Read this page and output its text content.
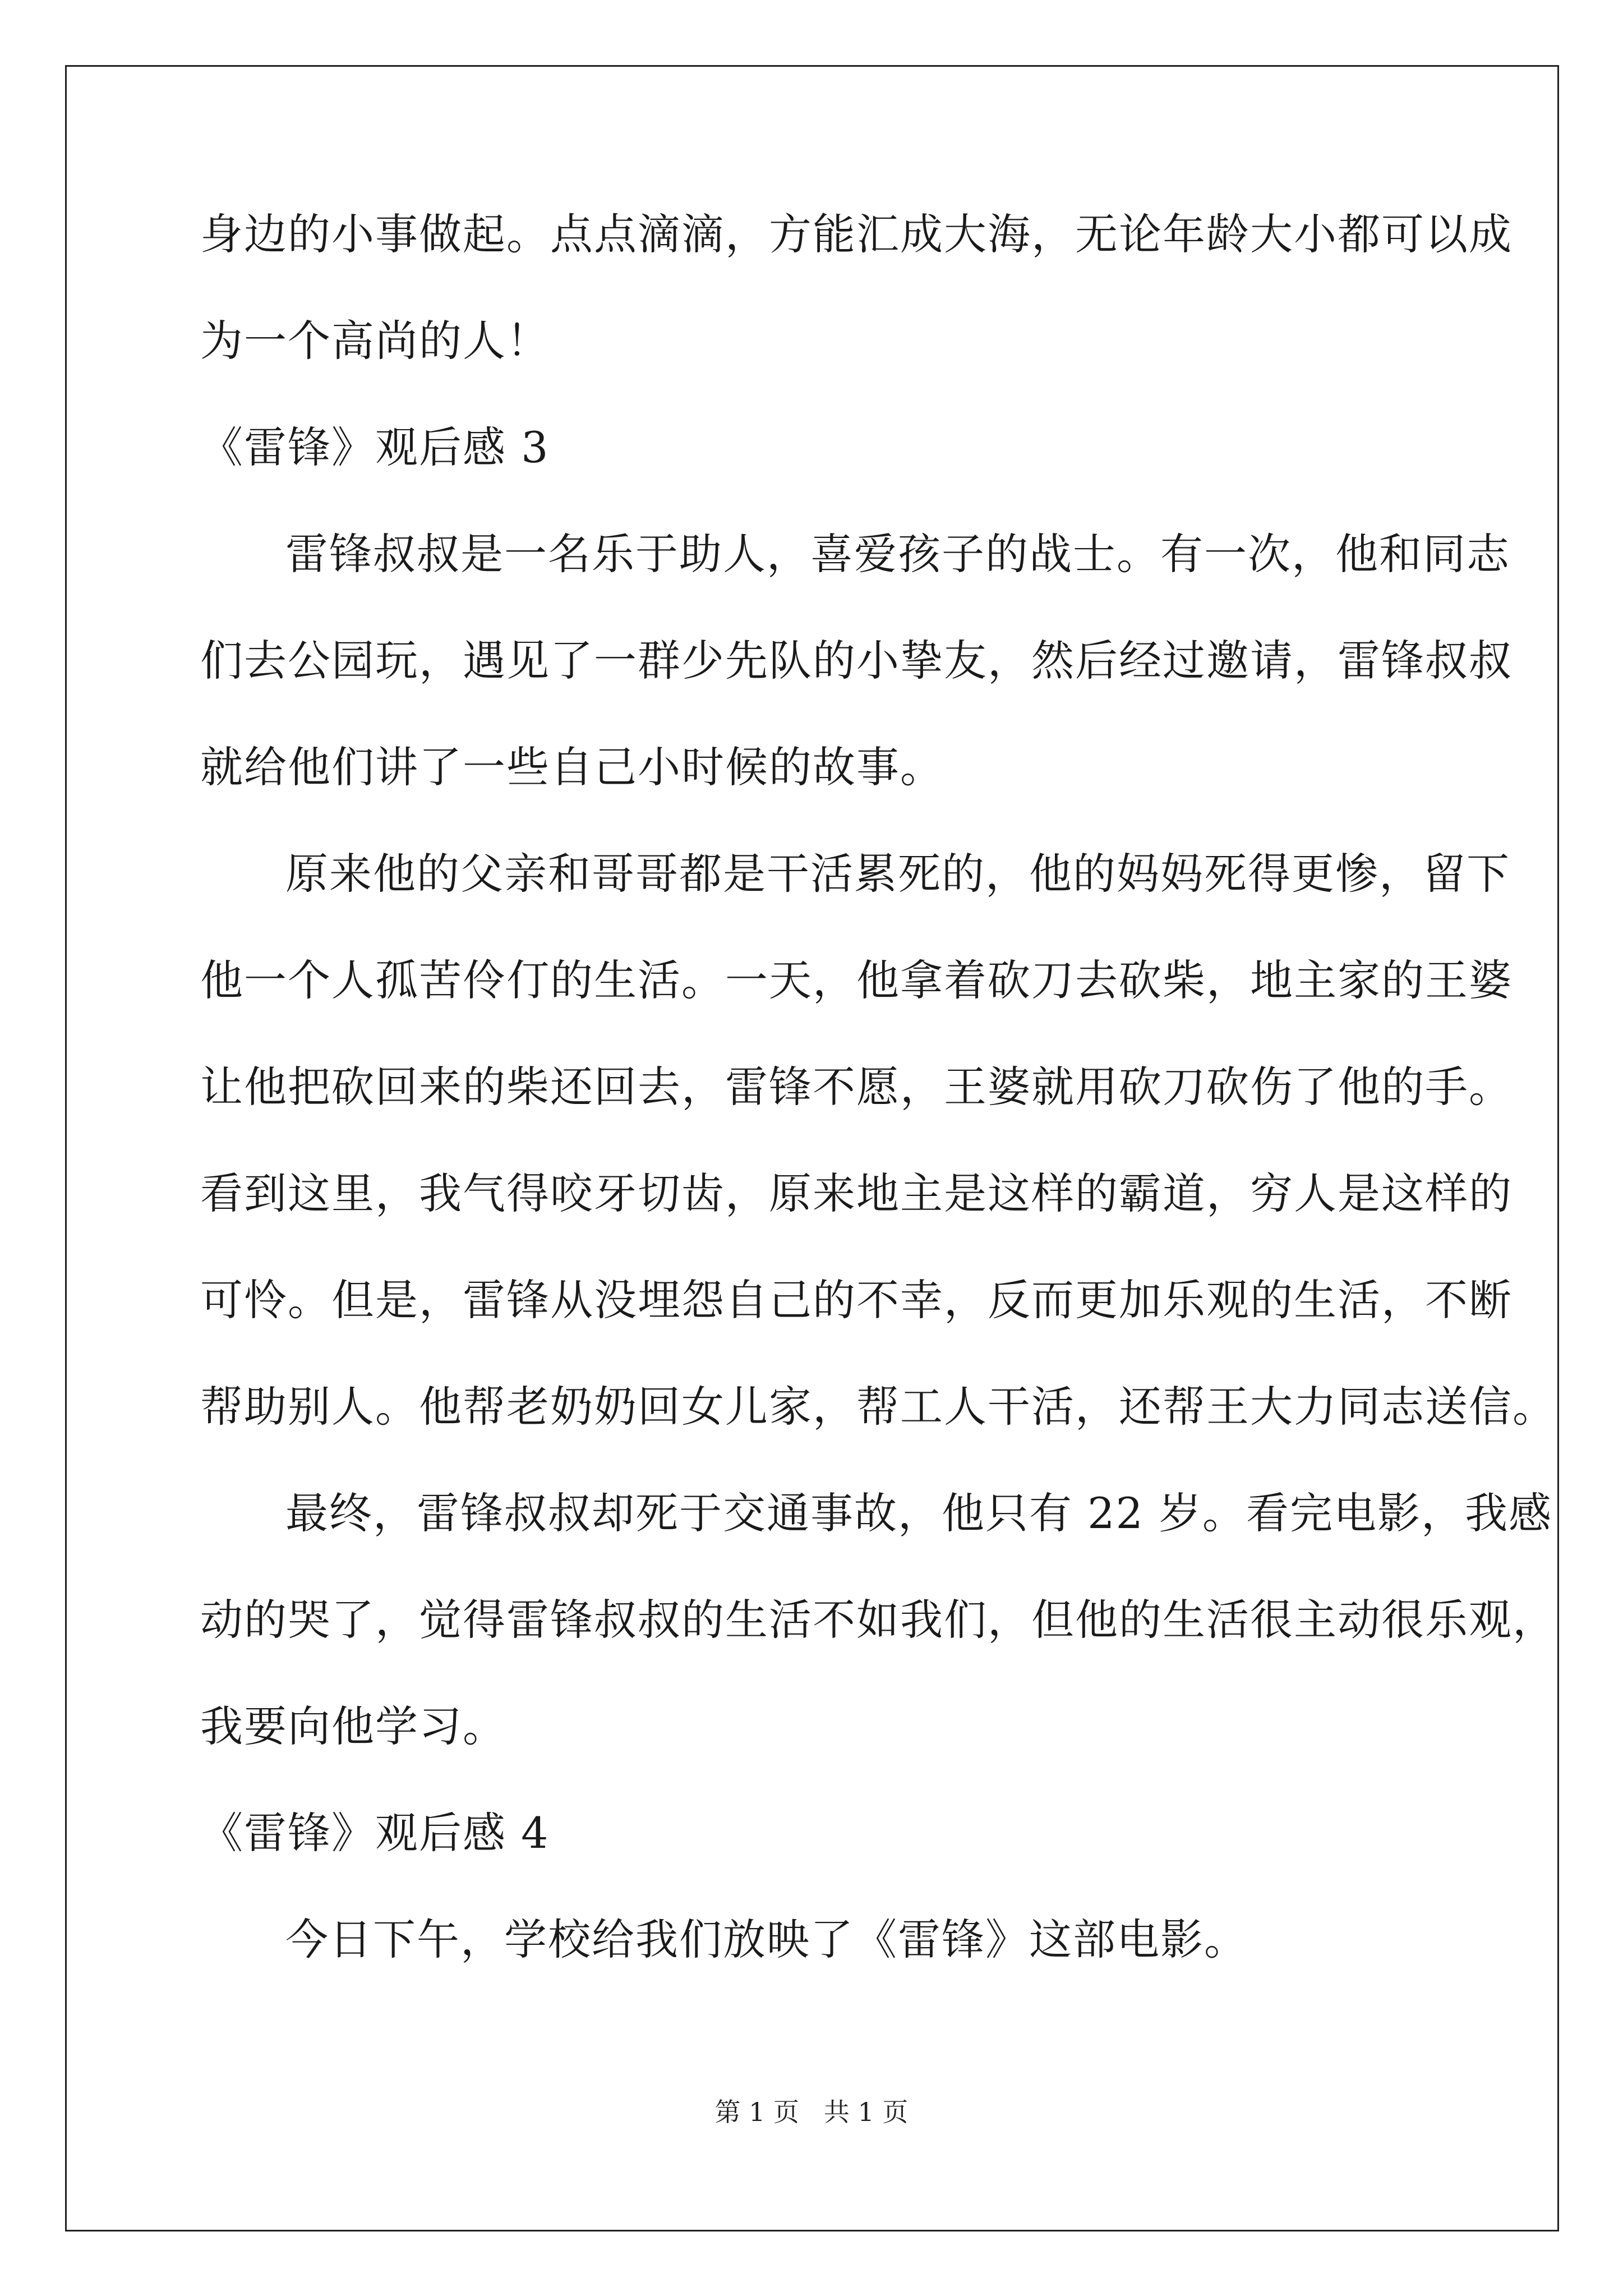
身边的小事做起。点点滴滴，方能汇成大海，无论年龄大小都可以成
为一个高尚的人！
《雷锋》观后感 3
雷锋叔叔是一名乐于助人，喜爱孩子的战士。有一次，他和同志
们去公园玩，遇见了一群少先队的小挚友，然后经过邀请，雷锋叔叔
就给他们讲了一些自己小时候的故事。
原来他的父亲和哥哥都是干活累死的，他的妈妈死得更惨，留下
他一个人孤苦伶仃的生活。一天，他拿着砍刀去砍柴，地主家的王婆
让他把砍回来的柴还回去，雷锋不愿，王婆就用砍刀砍伤了他的手。
看到这里，我气得咬牙切齿，原来地主是这样的霸道，穷人是这样的
可怜。但是，雷锋从没埋怨自己的不幸，反而更加乐观的生活，不断
帮助别人。他帮老奶奶回女儿家，帮工人干活，还帮王大力同志送信。
最终，雷锋叔叔却死于交通事故，他只有 22 岁。看完电影，我感
动的哭了，觉得雷锋叔叔的生活不如我们，但他的生活很主动很乐观，
我要向他学习。
《雷锋》观后感 4
今日下午，学校给我们放映了《雷锋》这部电影。
第 1 页   共 1 页
